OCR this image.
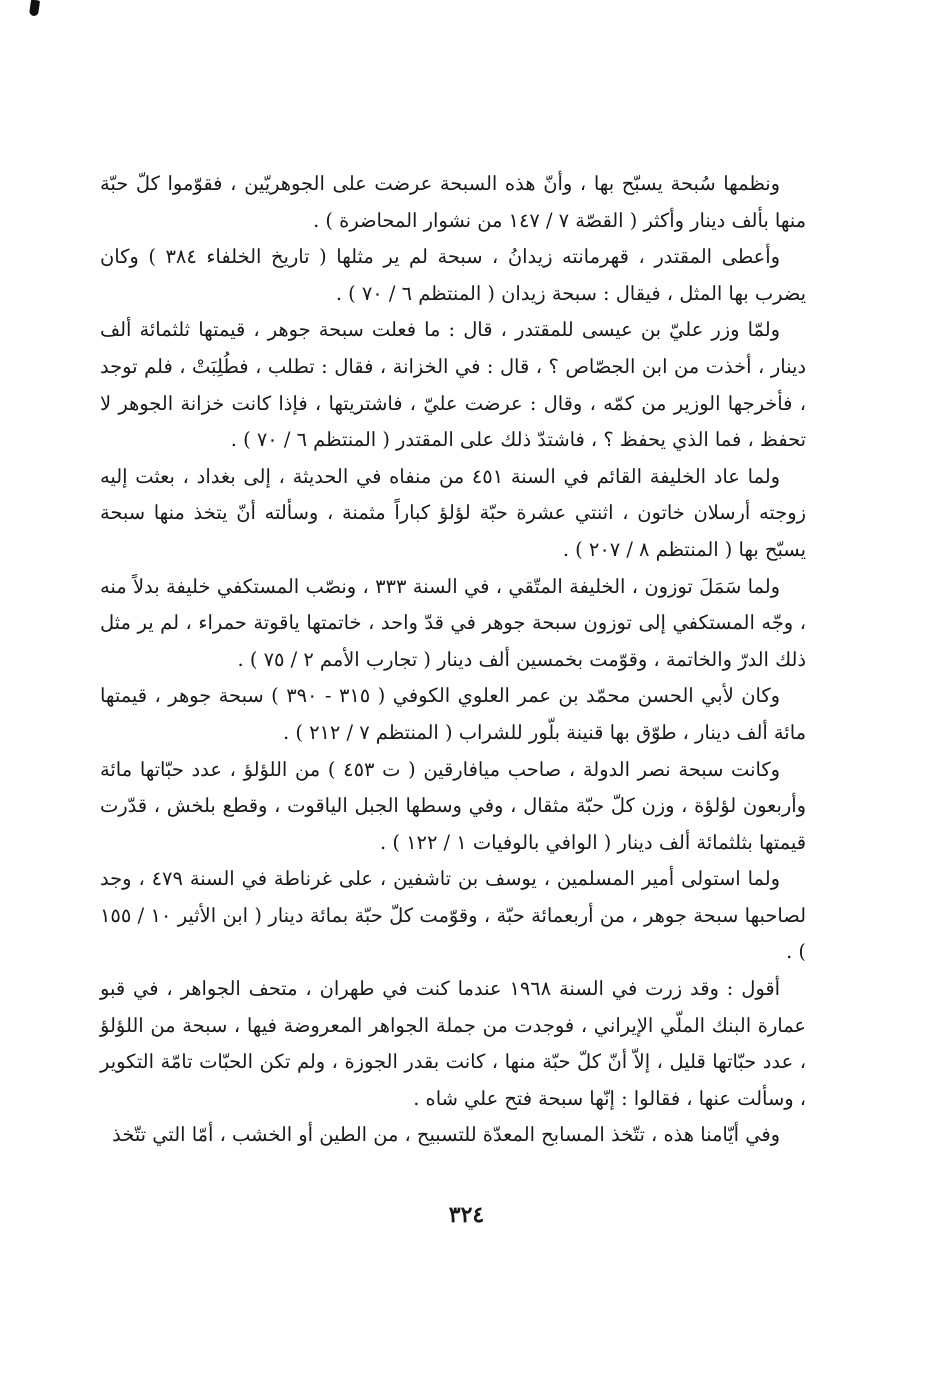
ونظمها سُبحة يسبّح بها ، وأنّ هذه السبحة عرضت على الجوهريّين ، فقوّموا كلّ حبّة منها بألف دينار وأكثر ( القصّة ٧ / ١٤٧ من نشوار المحاضرة ) .

وأعطى المقتدر ، قهرمانته زيدانُ ، سبحة لم ير مثلها ( تاريخ الخلفاء ٣٨٤ ) وكان يضرب بها المثل ، فيقال : سبحة زيدان ( المنتظم ٦ / ٧٠ ) .

ولمّا وزر عليّ بن عيسى للمقتدر ، قال : ما فعلت سبحة جوهر ، قيمتها ثلثمائة ألف دينار ، أخذت من ابن الجصّاص ؟ ، قال : في الخزانة ، فقال : تطلب ، فطُلِبَتْ ، فلم توجد ، فأخرجها الوزير من كمّه ، وقال : عرضت عليّ ، فاشتريتها ، فإذا كانت خزانة الجوهر لا تحفظ ، فما الذي يحفظ ؟ ، فاشتدّ ذلك على المقتدر ( المنتظم ٦ / ٧٠ ) .

ولما عاد الخليفة القائم في السنة ٤٥١ من منفاه في الحديثة ، إلى بغداد ، بعثت إليه زوجته أرسلان خاتون ، اثنتي عشرة حبّة لؤلؤ كباراً مثمنة ، وسألته أنّ يتخذ منها سبحة يسبّح بها ( المنتظم ٨ / ٢٠٧ ) .

ولما سَمَلَ توزون ، الخليفة المتّقي ، في السنة ٣٣٣ ، ونصّب المستكفي خليفة بدلاً منه ، وجّه المستكفي إلى توزون سبحة جوهر في قدّ واحد ، خاتمتها ياقوتة حمراء ، لم ير مثل ذلك الدرّ والخاتمة ، وقوّمت بخمسين ألف دينار ( تجارب الأمم ٢ / ٧٥ ) .

وكان لأبي الحسن محمّد بن عمر العلوي الكوفي ( ٣١٥ - ٣٩٠ ) سبحة جوهر ، قيمتها مائة ألف دينار ، طوّق بها قنينة بلّور للشراب ( المنتظم ٧ / ٢١٢ ) .

وكانت سبحة نصر الدولة ، صاحب ميافارقين ( ت ٤٥٣ ) من اللؤلؤ ، عدد حبّاتها مائة وأربعون لؤلؤة ، وزن كلّ حبّة مثقال ، وفي وسطها الجبل الياقوت ، وقطع بلخش ، قدّرت قيمتها بثلثمائة ألف دينار ( الوافي بالوفيات ١ / ١٢٢ ) .

ولما استولى أمير المسلمين ، يوسف بن تاشفين ، على غرناطة في السنة ٤٧٩ ، وجد لصاحبها سبحة جوهر ، من أربعمائة حبّة ، وقوّمت كلّ حبّة بمائة دينار ( ابن الأثير ١٠ / ١٥٥ ) .

أقول : وقد زرت في السنة ١٩٦٨ عندما كنت في طهران ، متحف الجواهر ، في قبو عمارة البنك الملّي الإيراني ، فوجدت من جملة الجواهر المعروضة فيها ، سبحة من اللؤلؤ ، عدد حبّاتها قليل ، إلاّ أنّ كلّ حبّة منها ، كانت بقدر الجوزة ، ولم تكن الحبّات تامّة التكوير ، وسألت عنها ، فقالوا : إنّها سبحة فتح علي شاه .

وفي أيّامنا هذه ، تتّخذ المسابح المعدّة للتسبيح ، من الطين أو الخشب ، أمّا التي تتّخذ

٣٢٤
